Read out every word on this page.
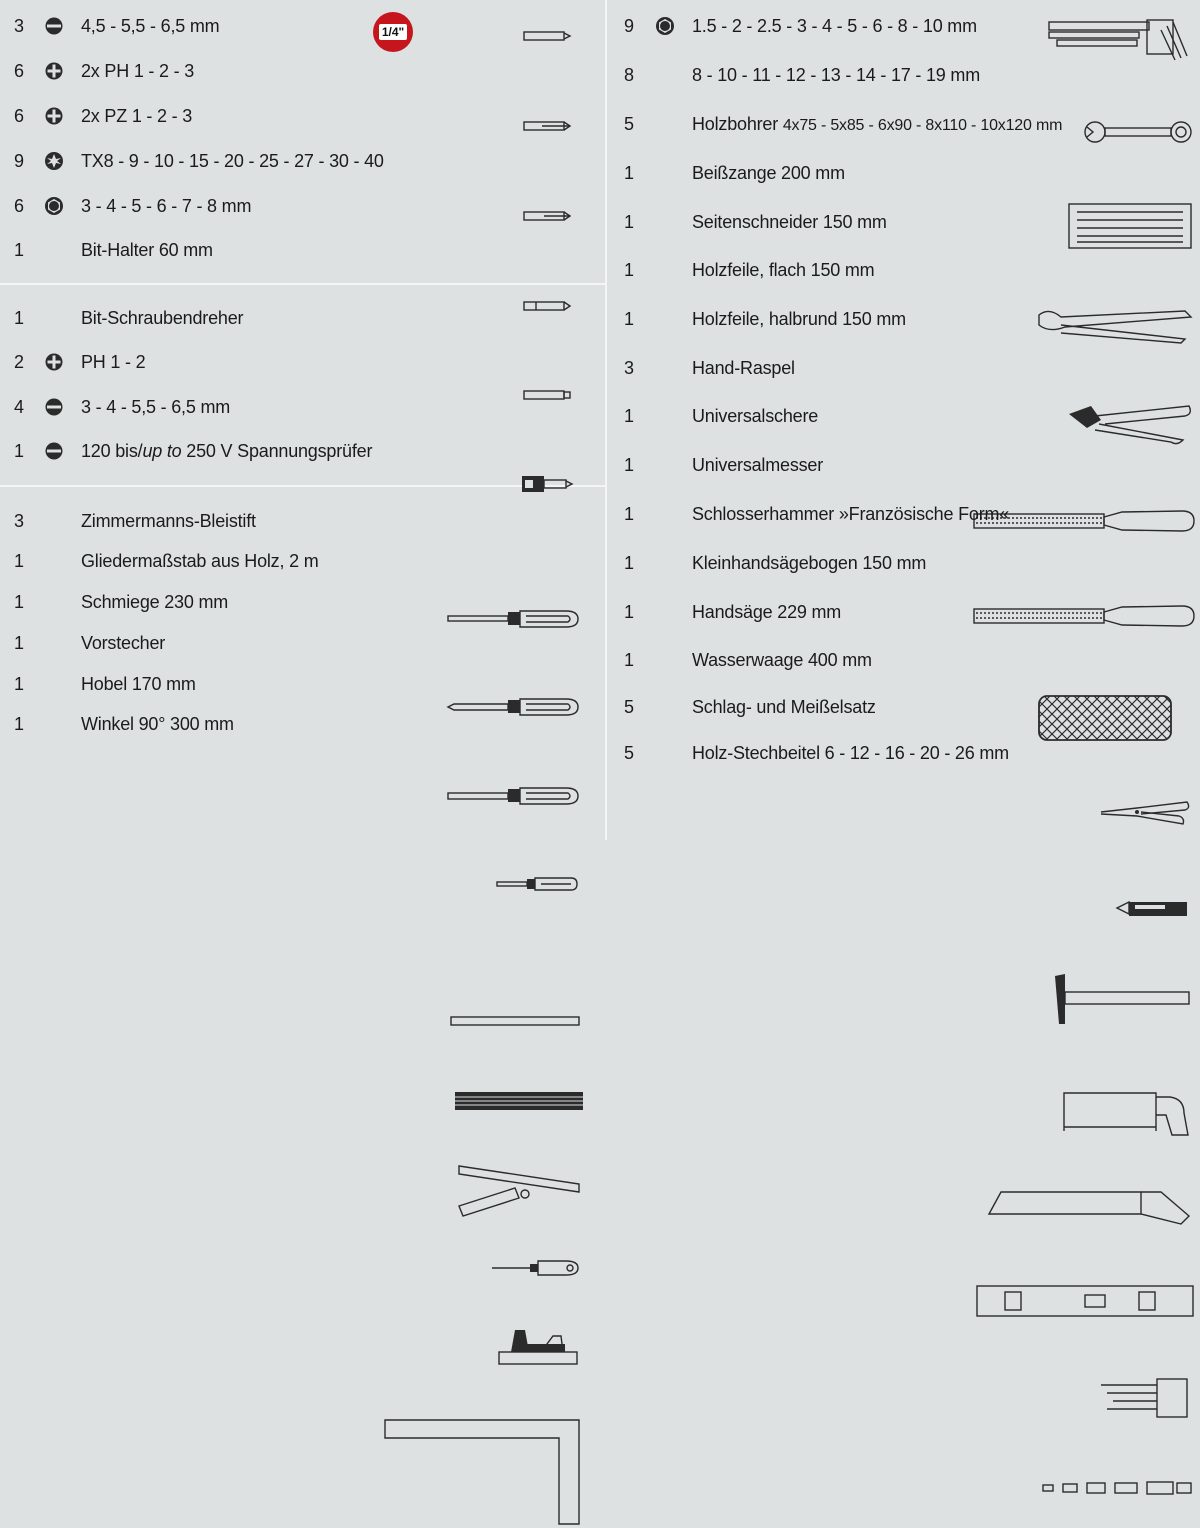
1/4"
3	4,5 - 5,5 - 6,5 mm
6	2x PH 1 - 2 - 3
6	2x PZ 1 - 2 - 3
9	TX8 - 9 - 10 - 15 - 20 - 25 - 27 - 30 - 40
6	3 - 4 - 5 - 6 - 7 - 8 mm
1	Bit-Halter 60 mm
1	Bit-Schraubendreher
2	PH 1 - 2
4	3 - 4 - 5,5 - 6,5 mm
1	120 bis/up to 250 V Spannungsprüfer
3	Zimmermanns-Bleistift
1	Gliedermaßstab aus Holz, 2 m
1	Schmiege 230 mm
1	Vorstecher
1	Hobel 170 mm
1	Winkel 90° 300 mm
9	1.5 - 2 - 2.5 - 3 - 4 - 5 - 6 - 8 - 10 mm
8	8 - 10 - 11 - 12 - 13 - 14 - 17 - 19 mm
5	Holzbohrer 4x75 - 5x85 - 6x90 - 8x110 - 10x120 mm
1	Beißzange 200 mm
1	Seitenschneider 150 mm
1	Holzfeile, flach 150 mm
1	Holzfeile, halbrund 150 mm
3	Hand-Raspel
1	Universalschere
1	Universalmesser
1	Schlosserhammer »Französische Form«
1	Kleinhandsägebogen 150 mm
1	Handsäge 229 mm
1	Wasserwaage 400 mm
5	Schlag- und Meißelsatz
5	Holz-Stechbeitel 6 - 12 - 16 - 20 - 26 mm
